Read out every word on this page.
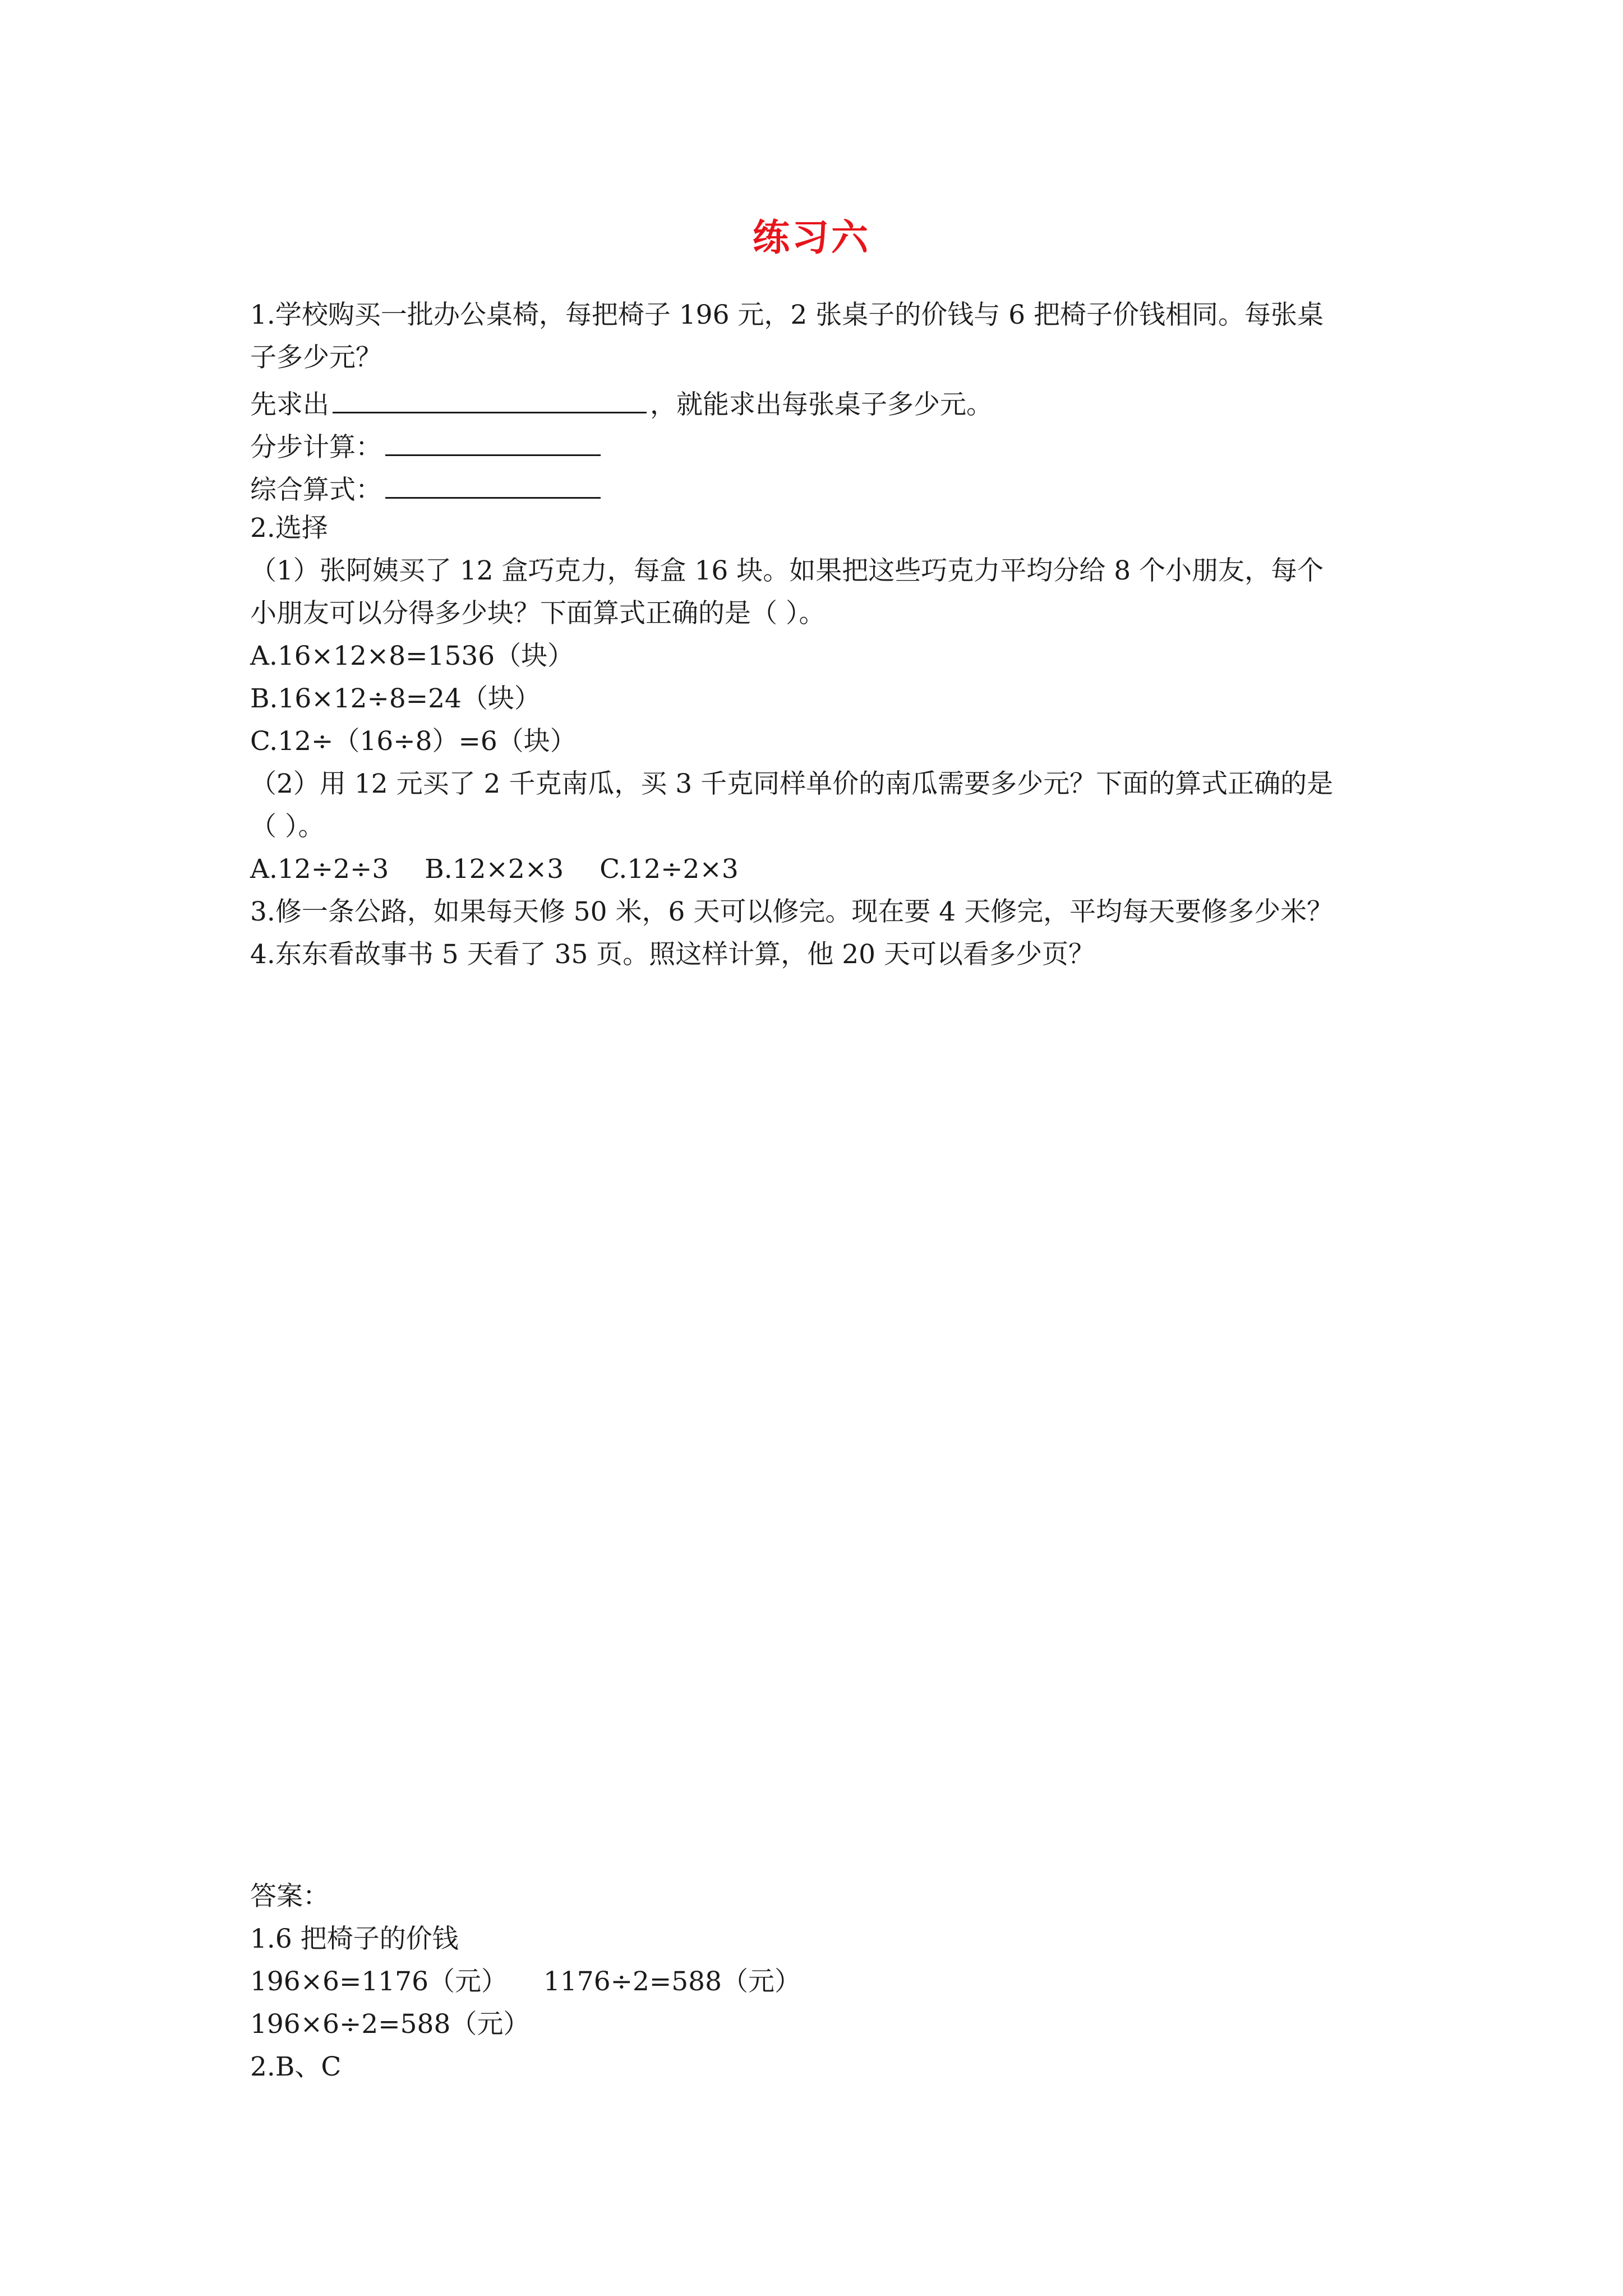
练习六
1.学校购买一批办公桌椅，每把椅子 196 元，2 张桌子的价钱与 6 把椅子价钱相同。每张桌
子多少元？
先求出	，就能求出每张桌子多少元。
分步计算：
综合算式：
2.选择
（1）张阿姨买了 12 盒巧克力，每盒 16 块。如果把这些巧克力平均分给 8 个小朋友，每个
小朋友可以分得多少块？下面算式正确的是（ ）。
A.16×12×8=1536（块）
B.16×12÷8=24（块）
C.12÷（16÷8）=6（块）
（2）用 12 元买了 2 千克南瓜，买 3 千克同样单价的南瓜需要多少元？下面的算式正确的是
（ ）。
A.12÷2÷3 B.12×2×3 C.12÷2×3
3.修一条公路，如果每天修 50 米，6 天可以修完。现在要 4 天修完，平均每天要修多少米？
4.东东看故事书 5 天看了 35 页。照这样计算，他 20 天可以看多少页？
答案：
1.6 把椅子的价钱
196×6=1176（元） 1176÷2=588（元）
196×6÷2=588（元）
2.B、C
